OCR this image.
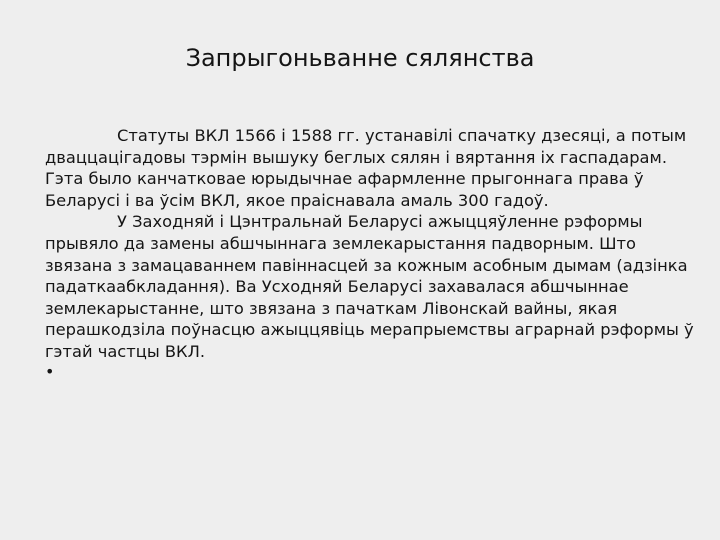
Запрыгоньванне сялянства

Статуты ВКЛ 1566 і 1588 гг. устанавілі спачатку дзесяці, а потым дваццацігадовы тэрмін вышуку беглых сялян і вяртання іх гаспадарам. Гэта было канчатковае юрыдычнае афармленне прыгоннага права ў Беларусі і ва ўсім ВКЛ, якое праіснавала амаль 300 гадоў.

У Заходняй і Цэнтральнай Беларусі ажыццяўленне рэформы прывяло да замены абшчыннага землекарыстання падворным. Што звязана з замацаваннем павіннасцей за кожным асобным дымам (адзінка падаткаабкладання). Ва Усходняй Беларусі захавалася абшчыннае землекарыстанне, што звязана з пачаткам Лівонскай вайны, якая перашкодзіла поўнасцю ажыццявіць мерапрыемствы аграрнай рэформы ў гэтай частцы ВКЛ.

•
